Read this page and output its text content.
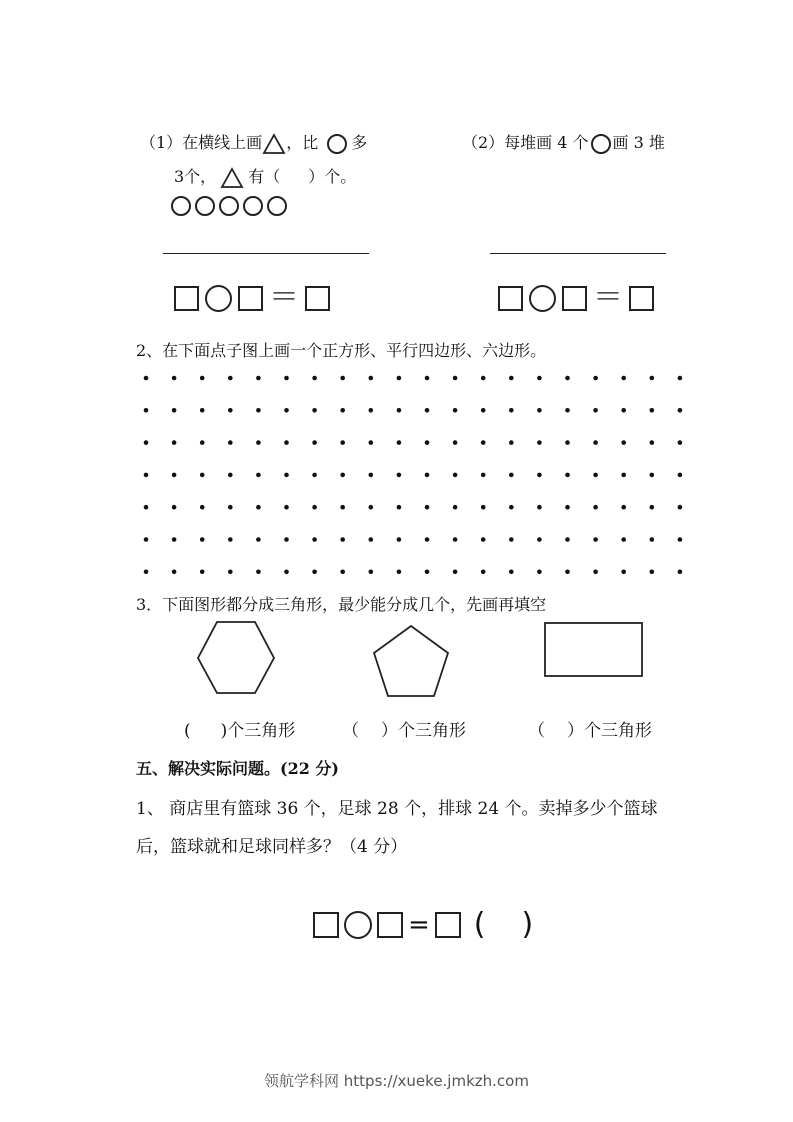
（1）在横线上画 ，比 多
3个， 有（ ）个。
（2）每堆画 4 个 画 3 堆
＝	＝
2、在下面点子图上画一个正方形、平行四边形、六边形。
3．下面图形都分成三角形，最少能分成几个，先画再填空
( )个三角形	（ ）个三角形	（ ）个三角形
五、解决实际问题。(22 分)
1、 商店里有篮球 36 个，足球 28 个，排球 24 个。卖掉多少个篮球
后，篮球就和足球同样多？（4 分）
= ( )
领航学科网 https://xueke.jmkzh.com
